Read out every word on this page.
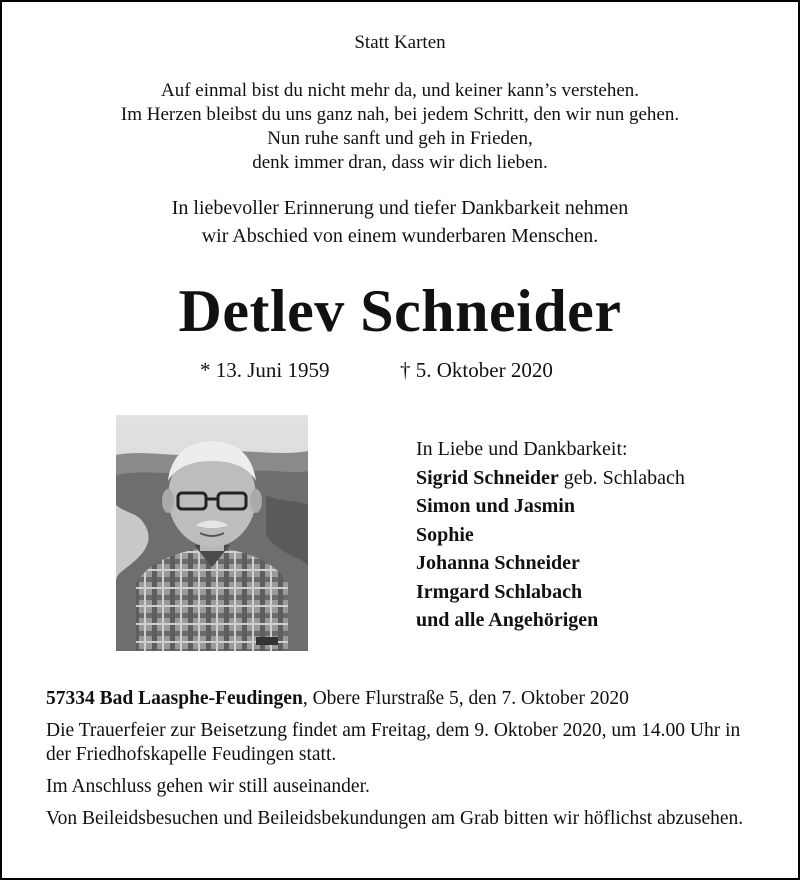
Statt Karten
Auf einmal bist du nicht mehr da, und keiner kann’s verstehen.
Im Herzen bleibst du uns ganz nah, bei jedem Schritt, den wir nun gehen.
Nun ruhe sanft und geh in Frieden,
denk immer dran, dass wir dich lieben.
In liebevoller Erinnerung und tiefer Dankbarkeit nehmen
wir Abschied von einem wunderbaren Menschen.
Detlev Schneider
* 13. Juni 1959	† 5. Oktober 2020
In Liebe und Dankbarkeit:
Sigrid Schneider geb. Schlabach
Simon und Jasmin
Sophie
Johanna Schneider
Irmgard Schlabach
und alle Angehörigen

57334 Bad Laasphe-Feudingen, Obere Flurstraße 5, den 7. Oktober 2020

Die Trauerfeier zur Beisetzung findet am Freitag, dem 9. Oktober 2020, um 14.00 Uhr in der Friedhofskapelle Feudingen statt.

Im Anschluss gehen wir still auseinander.

Von Beileidsbesuchen und Beileidsbekundungen am Grab bitten wir höflichst abzusehen.
